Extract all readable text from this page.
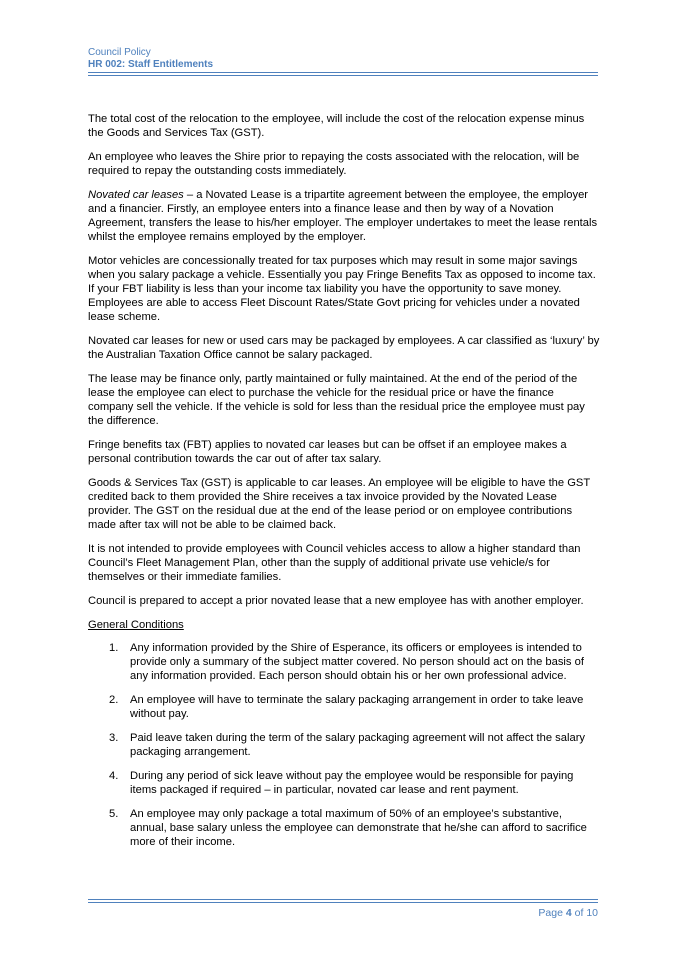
Council Policy
HR 002: Staff Entitlements

The total cost of the relocation to the employee, will include the cost of the relocation expense minus the Goods and Services Tax (GST).

An employee who leaves the Shire prior to repaying the costs associated with the relocation, will be required to repay the outstanding costs immediately.

Novated car leases – a Novated Lease is a tripartite agreement between the employee, the employer and a financier. Firstly, an employee enters into a finance lease and then by way of a Novation Agreement, transfers the lease to his/her employer. The employer undertakes to meet the lease rentals whilst the employee remains employed by the employer.

Motor vehicles are concessionally treated for tax purposes which may result in some major savings when you salary package a vehicle. Essentially you pay Fringe Benefits Tax as opposed to income tax. If your FBT liability is less than your income tax liability you have the opportunity to save money. Employees are able to access Fleet Discount Rates/State Govt pricing for vehicles under a novated lease scheme.

Novated car leases for new or used cars may be packaged by employees. A car classified as ‘luxury’ by the Australian Taxation Office cannot be salary packaged.

The lease may be finance only, partly maintained or fully maintained. At the end of the period of the lease the employee can elect to purchase the vehicle for the residual price or have the finance company sell the vehicle. If the vehicle is sold for less than the residual price the employee must pay the difference.

Fringe benefits tax (FBT) applies to novated car leases but can be offset if an employee makes a personal contribution towards the car out of after tax salary.

Goods & Services Tax (GST) is applicable to car leases. An employee will be eligible to have the GST credited back to them provided the Shire receives a tax invoice provided by the Novated Lease provider. The GST on the residual due at the end of the lease period or on employee contributions made after tax will not be able to be claimed back.

It is not intended to provide employees with Council vehicles access to allow a higher standard than Council’s Fleet Management Plan, other than the supply of additional private use vehicle/s for themselves or their immediate families.

Council is prepared to accept a prior novated lease that a new employee has with another employer.

General Conditions
1. Any information provided by the Shire of Esperance, its officers or employees is intended to provide only a summary of the subject matter covered. No person should act on the basis of any information provided. Each person should obtain his or her own professional advice.
2. An employee will have to terminate the salary packaging arrangement in order to take leave without pay.
3. Paid leave taken during the term of the salary packaging agreement will not affect the salary packaging arrangement.
4. During any period of sick leave without pay the employee would be responsible for paying items packaged if required – in particular, novated car lease and rent payment.
5. An employee may only package a total maximum of 50% of an employee’s substantive, annual, base salary unless the employee can demonstrate that he/she can afford to sacrifice more of their income.
Page 4 of 10
